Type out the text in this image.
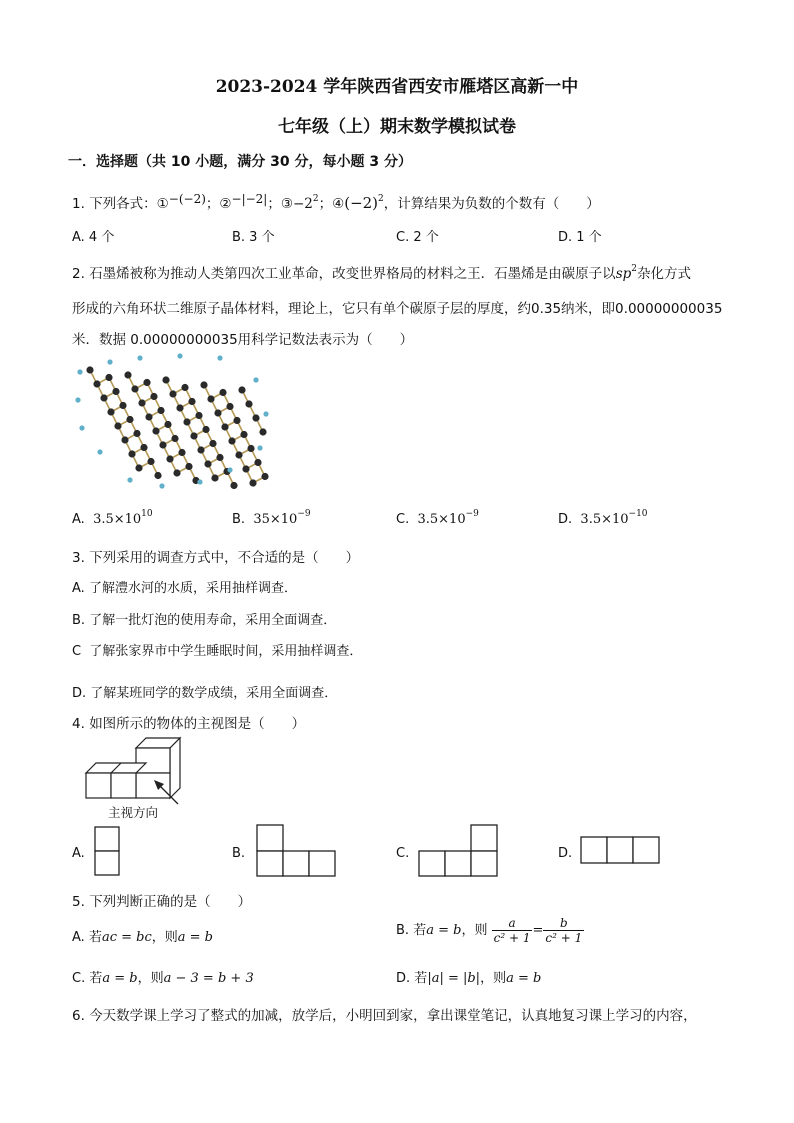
2023-2024 学年陕西省西安市雁塔区高新一中
七年级（上）期末数学模拟试卷
一．选择题（共 10 小题，满分 30 分，每小题 3 分）
1. 下列各式：①−(−2)；②−|−2|；$③-2^2$；$④(-2)^2$，计算结果为负数的个数有（　　）
A. 4 个	B. 3 个	C. 2 个	D. 1 个
2. 石墨烯被称为推动人类第四次工业革命，改变世界格局的材料之王．石墨烯是由碳原子以$sp^2$杂化方式
形成的六角环状二维原子晶体材料，理论上，它只有单个碳原子层的厚度，约0.35纳米，即0.00000000035
米．数据 0.00000000035用科学记数法表示为（　　）
A. $3.5\times 10^{10}$	B. $35\times 10^{-9}$	C. $3.5\times 10^{-9}$	D. $3.5\times 10^{-10}$
3. 下列采用的调查方式中，不合适的是（　　）
A. 了解澧水河的水质，采用抽样调查．
B. 了解一批灯泡的使用寿命，采用全面调查．
C 了解张家界市中学生睡眠时间，采用抽样调查．
D. 了解某班同学的数学成绩，采用全面调查．
4. 如图所示的物体的主视图是（　　）
主视方向
A.	B.	C.	D.
5. 下列判断正确的是（　　）
A. 若ac = bc，则a = b	B. 若a = b，则 $\frac{a}{\text{c² + 1}} = \frac{b}{\text{c² + 1}}$
C. 若a = b，则a − 3 = b + 3	D. 若|a| = |b|，则a = b
6. 今天数学课上学习了整式的加减，放学后，小明回到家，拿出课堂笔记，认真地复习课上学习的内容，
